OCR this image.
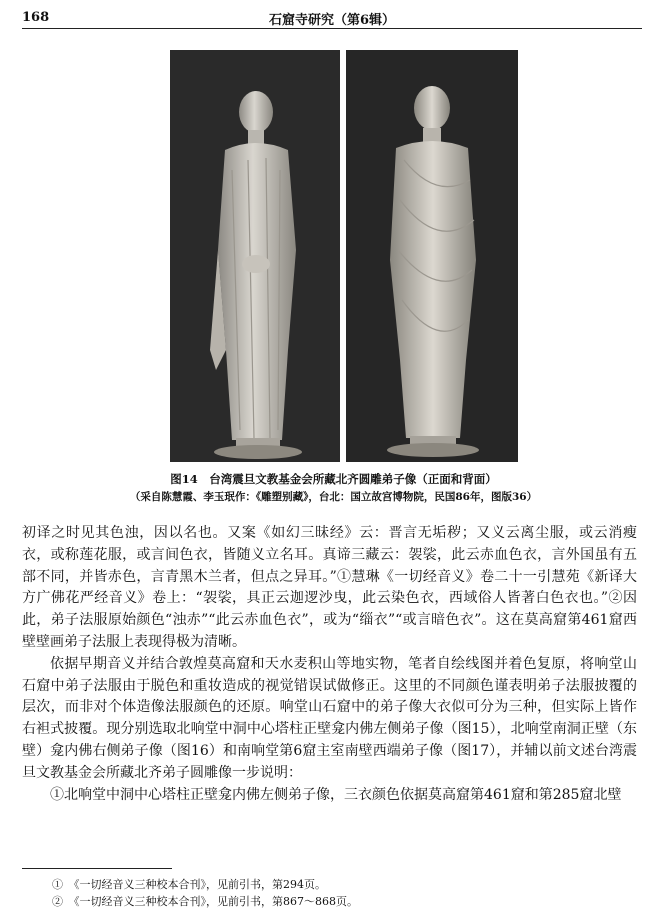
168	石窟寺研究（第6辑）
图14　台湾震旦文教基金会所藏北齐圆雕弟子像（正面和背面）
（采自陈慧霞、李玉珉作：《雕塑别藏》，台北：国立故宫博物院，民国86年，图版36）

初译之时见其色浊，因以名也。又案《如幻三昧经》云：晋言无垢秽；又义云离尘服，或云消瘦衣，或称莲花服，或言间色衣，皆随义立名耳。真谛三藏云：袈裟，此云赤血色衣，言外国虽有五部不同，并皆赤色，言青黑木兰者，但点之异耳。”①慧琳《一切经音义》卷二十一引慧苑《新译大方广佛花严经音义》卷上：“袈裟，具正云迦逻沙曳，此云染色衣，西域俗人皆著白色衣也。”②因此，弟子法服原始颜色“浊赤”“此云赤血色衣”，或为“缁衣”“或言暗色衣”。这在莫高窟第461窟西壁壁画弟子法服上表现得极为清晰。

依据早期音义并结合敦煌莫高窟和天水麦积山等地实物，笔者自绘线图并着色复原，将响堂山石窟中弟子法服由于脱色和重妆造成的视觉错误试做修正。这里的不同颜色谨表明弟子法服披覆的层次，而非对个体造像法服颜色的还原。响堂山石窟中的弟子像大衣似可分为三种，但实际上皆作右袒式披覆。现分别选取北响堂中洞中心塔柱正壁龛内佛左侧弟子像（图15），北响堂南洞正壁（东壁）龛内佛右侧弟子像（图16）和南响堂第6窟主室南壁西端弟子像（图17），并辅以前文述台湾震旦文教基金会所藏北齐弟子圆雕像一步说明：

①北响堂中洞中心塔柱正壁龛内佛左侧弟子像，三衣颜色依据莫高窟第461窟和第285窟北壁

①　《一切经音义三种校本合刊》，见前引书，第294页。
②　《一切经音义三种校本合刊》，见前引书，第867～868页。
